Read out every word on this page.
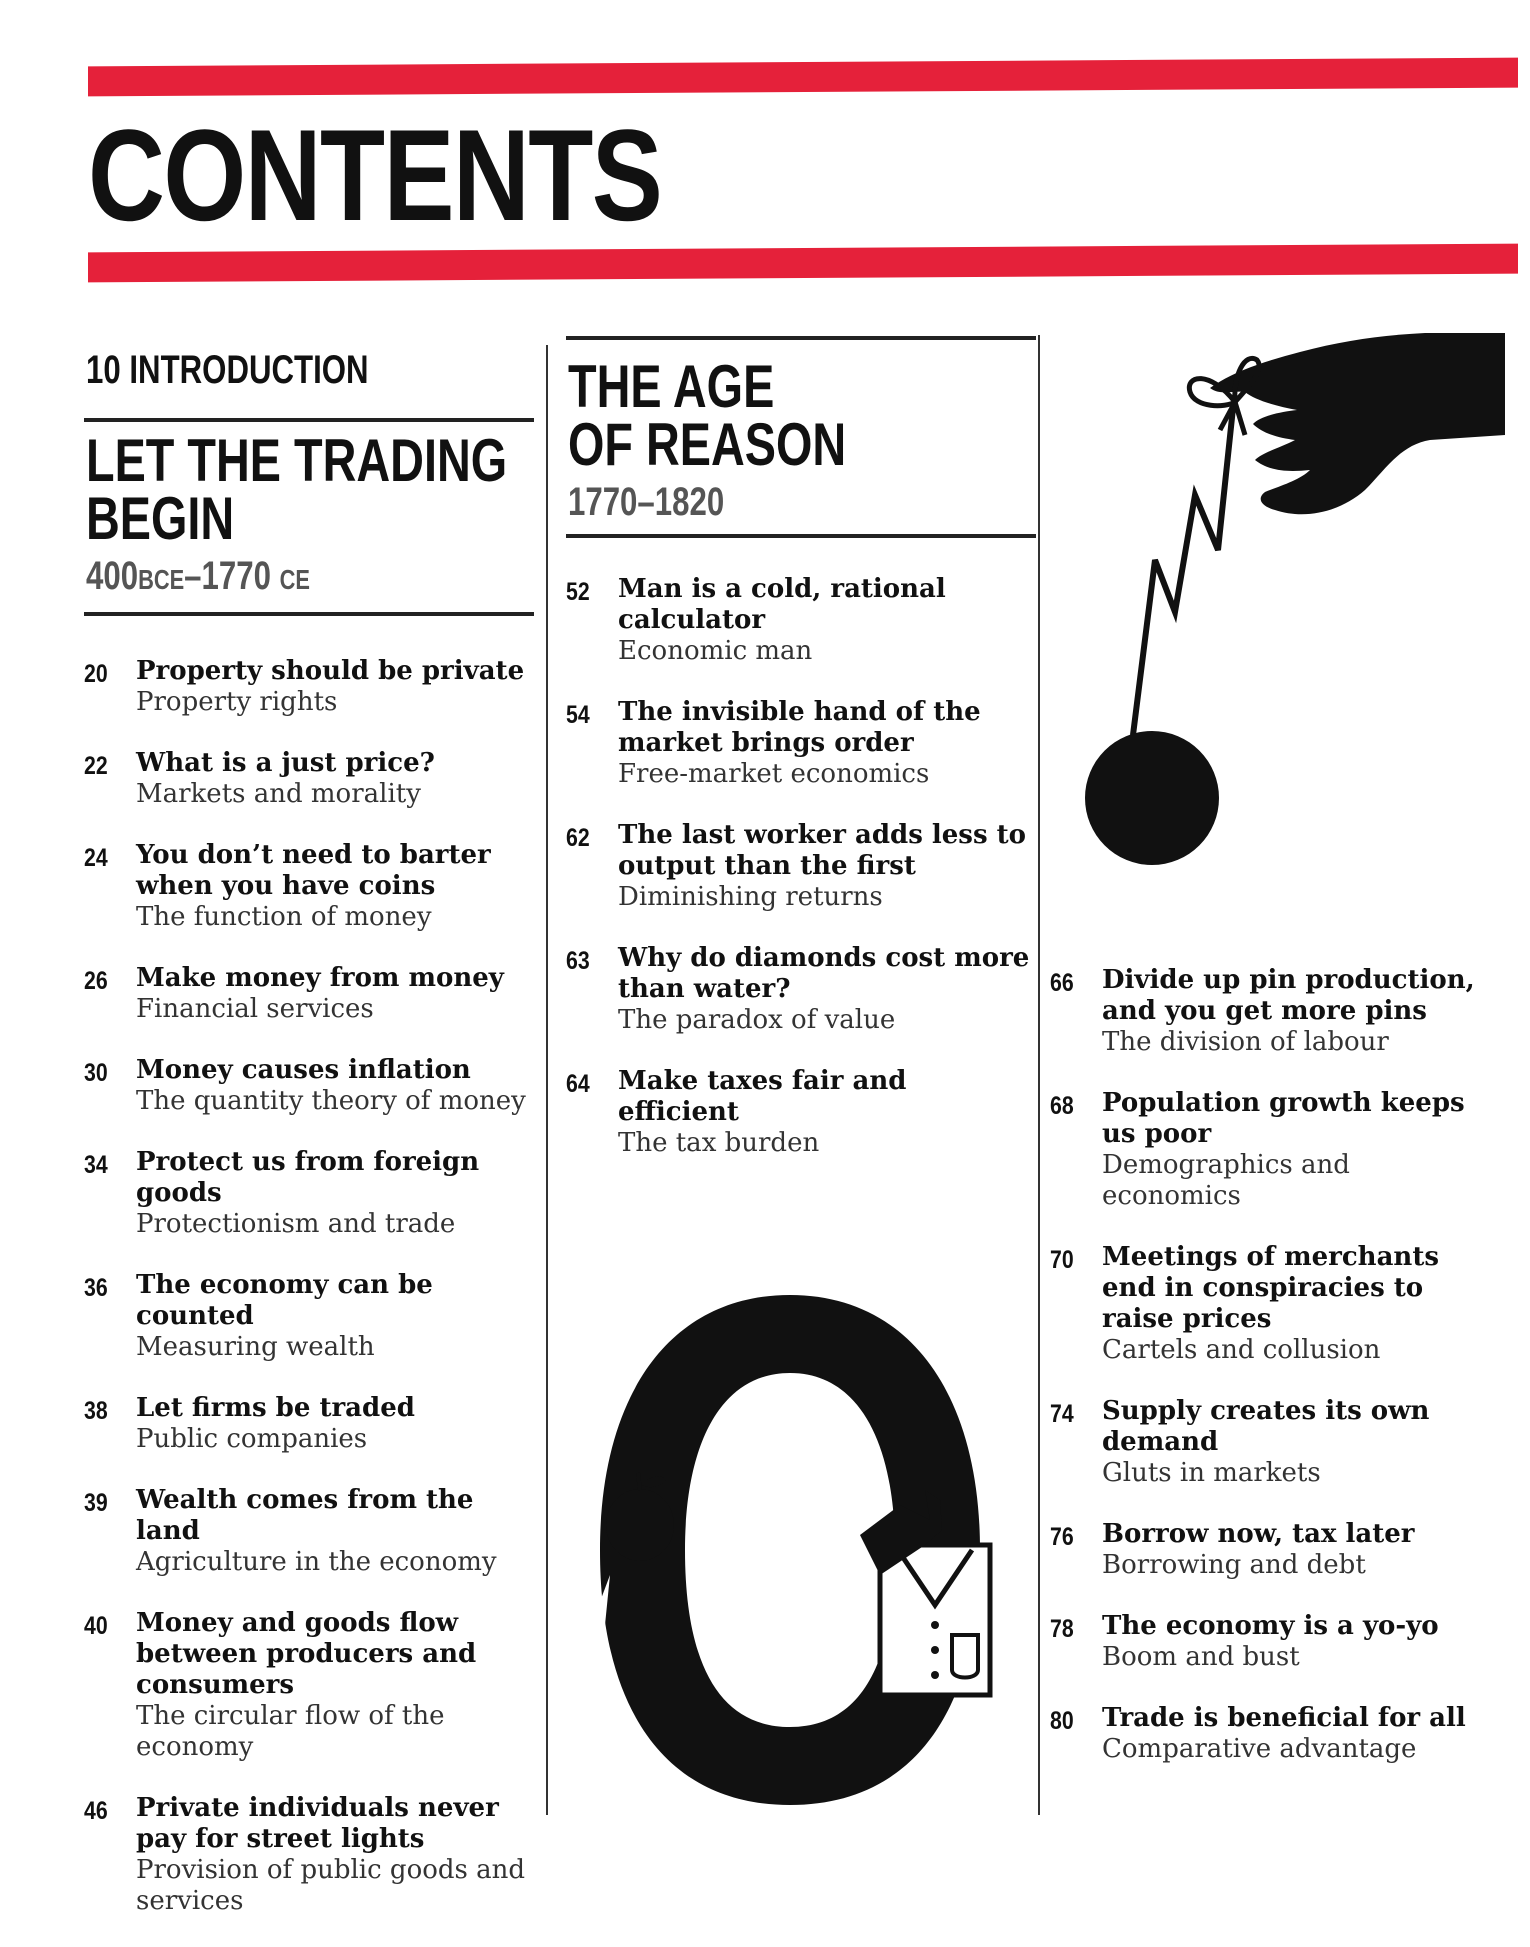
CONTENTS
10 INTRODUCTION
LET THE TRADING
BEGIN
400BCE–1770 CE
20	Property should be private
Property rights
22	What is a just price?
Markets and morality
24	You don’t need to barter when you have coins
The function of money
26	Make money from money
Financial services
30	Money causes inflation
The quantity theory of money
34	Protect us from foreign goods
Protectionism and trade
36	The economy can be counted
Measuring wealth
38	Let firms be traded
Public companies
39	Wealth comes from the land
Agriculture in the economy
40	Money and goods flow between producers and consumers
The circular flow of the economy
46	Private individuals never pay for street lights
Provision of public goods and services
THE AGE
OF REASON
1770–1820
52	Man is a cold, rational calculator
Economic man
54	The invisible hand of the market brings order
Free-market economics
62	The last worker adds less to output than the first
Diminishing returns
63	Why do diamonds cost more than water?
The paradox of value
64	Make taxes fair and efficient
The tax burden
66	Divide up pin production, and you get more pins
The division of labour
68	Population growth keeps us poor
Demographics and economics
70	Meetings of merchants end in conspiracies to raise prices
Cartels and collusion
74	Supply creates its own demand
Gluts in markets
76	Borrow now, tax later
Borrowing and debt
78	The economy is a yo-yo
Boom and bust
80	Trade is beneficial for all
Comparative advantage
